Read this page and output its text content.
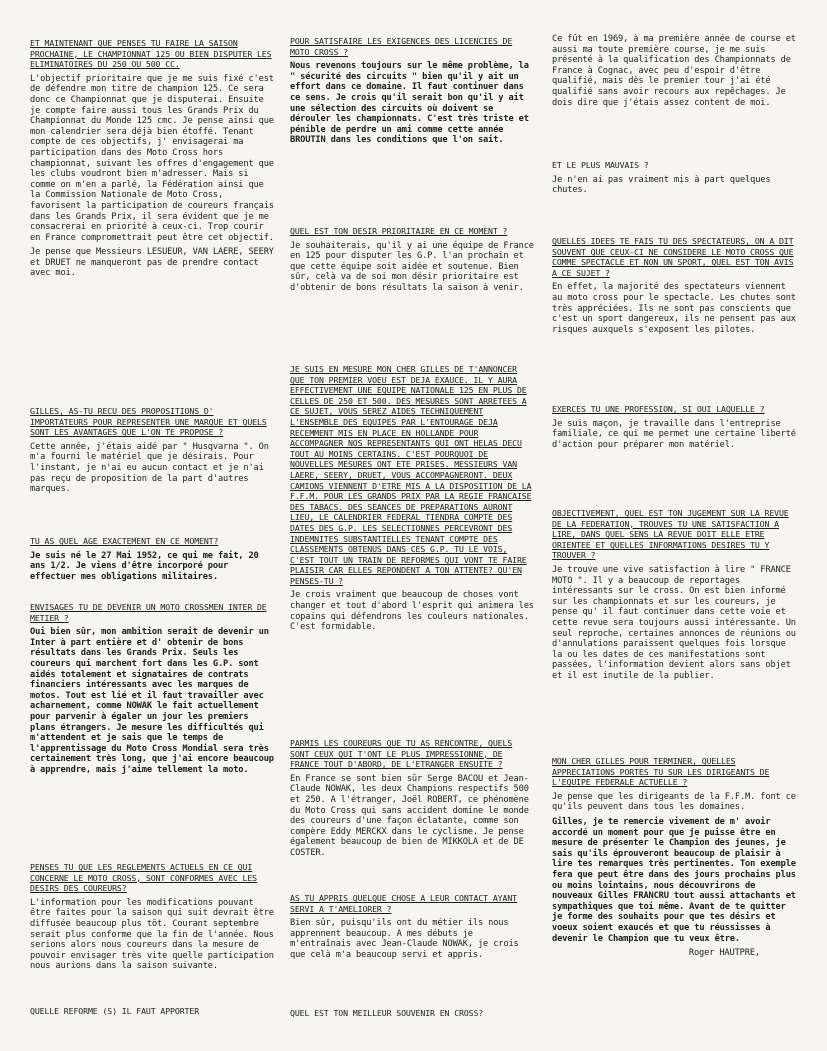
ET MAINTENANT QUE PENSES TU FAIRE LA SAISON PROCHAINE, LE CHAMPIONNAT 125 OU BIEN DISPUTER LES ELIMINATOIRES DU 250 OU 500 CC.

L'objectif prioritaire que je me suis fixé c'est de défendre mon titre de champion 125. Ce sera donc ce Championnat que je disputerai. Ensuite je compte faire aussi tous les Grands Prix du Championnat du Monde 125 cmc. Je pense ainsi que mon calendrier sera déjà bien étoffé. Tenant compte de ces objectifs, j' envisagerai ma participation dans des Moto Cross hors championnat, suivant les offres d'engagement que les clubs voudront bien m'adresser. Mais si comme on m'en a parlé, la Fédération ainsi que la Commission Nationale de Moto Cross, favorisent la participation de coureurs français dans les Grands Prix, il sera évident que je me consacrerai en priorité à ceux-ci. Trop courir en France compromettrait peut être cet objectif.

Je pense que Messieurs LESUEUR, VAN LAERE, SEERY et DRUET ne manqueront pas de prendre contact avec moi.

GILLES, AS-TU RECU DES PROPOSITIONS D' IMPORTATEURS POUR REPRESENTER UNE MARQUE ET QUELS SONT LES AVANTAGES QUE L'ON TE PROPOSE ?

Cette année, j'étais aidé par " Husqvarna ". On m'a fourni le matériel que je désirais. Pour l'instant, je n'ai eu aucun contact et je n'ai pas reçu de proposition de la part d'autres marques.

TU AS QUEL AGE EXACTEMENT EN CE MOMENT?

Je suis né le 27 Mai 1952, ce qui me fait, 20 ans 1/2. Je viens d'être incorporé pour effectuer mes obligations militaires.

ENVISAGES TU DE DEVENIR UN MOTO CROSSMEN INTER DE METIER ?

Oui bien sûr, mon ambition serait de devenir un Inter à part entière et d' obtenir de bons résultats dans les Grands Prix. Seuls les coureurs qui marchent fort dans les G.P. sont aidés totalement et signataires de contrats financiers intéressants avec les marques de motos. Tout est lié et il faut travailler avec acharnement, comme NOWAK le fait actuellement pour parvenir à égaler un jour les premiers plans étrangers. Je mesure les difficultés qui m'attendent et je sais que le temps de l'apprentissage du Moto Cross Mondial sera très certainement très long, que j'ai encore beaucoup à apprendre, mais j'aime tellement la moto.

PENSES TU QUE LES REGLEMENTS ACTUELS EN CE QUI CONCERNE LE MOTO CROSS, SONT CONFORMES AVEC LES DESIRS DES COUREURS?

L'information pour les modifications pouvant être faites pour la saison qui suit devrait être diffusée beaucoup plus tôt. Courant septembre serait plus conforme que la fin de l'année. Nous serions alors nous coureurs dans la mesure de pouvoir envisager très vite quelle participation nous aurions dans la saison suivante.

QUELLE REFORME (S) IL FAUT APPORTER

POUR SATISFAIRE LES EXIGENCES DES LICENCIES DE MOTO CROSS ?

Nous revenons toujours sur le même problème, la " sécurité des circuits " bien qu'il y ait un effort dans ce domaine. Il faut continuer dans ce sens. Je crois qu'il serait bon qu'il y ait une sélection des circuits où doivent se dérouler les championnats. C'est très triste et pénible de perdre un ami comme cette année BROUTIN dans les conditions que l'on sait.

QUEL EST TON DESIR PRIORITAIRE EN CE MOMENT ?

Je souhaiterais, qu'il y ai une équipe de France en 125 pour disputer les G.P. l'an prochain et que cette équipe soit aidée et soutenue. Bien sûr, celà va de soi mon désir prioritaire est d'obtenir de bons résultats la saison à venir.

JE SUIS EN MESURE MON CHER GILLES DE T'ANNONCER QUE TON PREMIER VOEU EST DEJA EXAUCE. IL Y AURA EFFECTIVEMENT UNE EQUIPE NATIONALE 125 EN PLUS DE CELLES DE 250 ET 500. DES MESURES SONT ARRETEES A CE SUJET, VOUS SEREZ AIDES TECHNIQUEMENT L'ENSEMBLE DES EQUIPES PAR L'ENTOURAGE DEJA RECEMMENT MIS EN PLACE EN HOLLANDE POUR ACCOMPAGNER NOS REPRESENTANTS QUI ONT HELAS DECU TOUT AU MOINS CERTAINS. C'EST POURQUOI DE NOUVELLES MESURES ONT ETE PRISES. MESSIEURS VAN LAERE, SEERY, DRUET, VOUS ACCOMPAGNERONT. DEUX CAMIONS VIENNENT D'ETRE MIS A LA DISPOSITION DE LA F.F.M. POUR LES GRANDS PRIX PAR LA REGIE FRANCAISE DES TABACS. DES SEANCES DE PREPARATIONS AURONT LIEU, LE CALENDRIER FEDERAL TIENDRA COMPTE DES DATES DES G.P. LES SELECTIONNES PERCEVRONT DES INDEMNITES SUBSTANTIELLES TENANT COMPTE DES CLASSEMENTS OBTENUS DANS CES G.P. TU LE VOIS, C'EST TOUT UN TRAIN DE REFORMES QUI VONT TE FAIRE PLAISIR CAR ELLES REPONDENT A TON ATTENTE? QU'EN PENSES-TU ?

Je crois vraiment que beaucoup de choses vont changer et tout d'abord l'esprit qui animera les copains qui défendrons les couleurs nationales. C'est formidable.

PARMIS LES COUREURS QUE TU AS RENCONTRE, QUELS SONT CEUX QUI T'ONT LE PLUS IMPRESSIONNE, DE FRANCE TOUT D'ABORD, DE L'ETRANGER ENSUITE ?

En France se sont bien sûr Serge BACOU et Jean-Claude NOWAK, les deux Champions respectifs 500 et 250. A l'étranger, Joël ROBERT, ce phénomène du Moto Cross qui sans accident domine le monde des coureurs d'une façon éclatante, comme son compère Eddy MERCKX dans le cyclisme. Je pense également beaucoup de bien de MIKKOLA et de DE COSTER.

AS TU APPRIS QUELQUE CHOSE A LEUR CONTACT AYANT SERVI A T'AMELIORER ?

Bien sûr, puisqu'ils ont du métier ils nous apprennent beaucoup. A mes débuts je m'entraînais avec Jean-Claude NOWAK, je crois que celà m'a beaucoup servi et appris.

QUEL EST TON MEILLEUR SOUVENIR EN CROSS?

Ce fût en 1969, à ma première année de course et aussi ma toute première course, je me suis présenté à la qualification des Championnats de France à Cognac, avec peu d'espoir d'être qualifié, mais dès le premier tour j'ai été qualifié sans avoir recours aux repêchages. Je dois dire que j'étais assez content de moi.

ET LE PLUS MAUVAIS ?

Je n'en ai pas vraiment mis à part quelques chutes.

QUELLES IDEES TE FAIS TU DES SPECTATEURS, ON A DIT SOUVENT QUE CEUX-CI NE CONSIDERE LE MOTO CROSS QUE COMME SPECTACLE ET NON UN SPORT, QUEL EST TON AVIS A CE SUJET ?

En effet, la majorité des spectateurs viennent au moto cross pour le spectacle. Les chutes sont très appréciées. Ils ne sont pas conscients que c'est un sport dangereux, ils ne pensent pas aux risques auxquels s'exposent les pilotes.

EXERCES TU UNE PROFESSION, SI OUI LAQUELLE ?

Je suis maçon, je travaille dans l'entreprise familiale, ce qui me permet une certaine liberté d'action pour préparer mon matériel.

OBJECTIVEMENT, QUEL EST TON JUGEMENT SUR LA REVUE DE LA FEDERATION, TROUVES TU UNE SATISFACTION A LIRE, DANS QUEL SENS LA REVUE DOIT ELLE ETRE ORIENTEE ET QUELLES INFORMATIONS DESIRES TU Y TROUVER ?

Je trouve une vive satisfaction à lire " FRANCE MOTO ". Il y a beaucoup de reportages intéressants sur le cross. On est bien informé sur les championnats et sur les coureurs, je pense qu' il faut continuer dans cette voie et cette revue sera toujours aussi intéressante. Un seul reproche, certaines annonces de réunions ou d'annulations paraissent quelques fois lorsque la ou les dates de ces manifestations sont passées, l'information devient alors sans objet et il est inutile de la publier.

MON CHER GILLES POUR TERMINER, QUELLES APPRECIATIONS PORTES TU SUR LES DIRIGEANTS DE L'EQUIPE FEDERALE ACTUELLE ?

Je pense que les dirigeants de la F.F.M. font ce qu'ils peuvent dans tous les domaines.

Gilles, je te remercie vivement de m' avoir accordé un moment pour que je puisse être en mesure de présenter le Champion des jeunes, je sais qu'ils éprouveront beaucoup de plaisir à lire tes remarques très pertinentes. Ton exemple fera que peut être dans des jours prochains plus ou moins lointains, nous découvrirons de nouveaux Gilles FRANCRU tout aussi attachants et sympathiques que toi même. Avant de te quitter je forme des souhaits pour que tes désirs et voeux soient exaucés et que tu réussisses à devenir le Champion que tu veux être.

Roger HAUTPRE,
